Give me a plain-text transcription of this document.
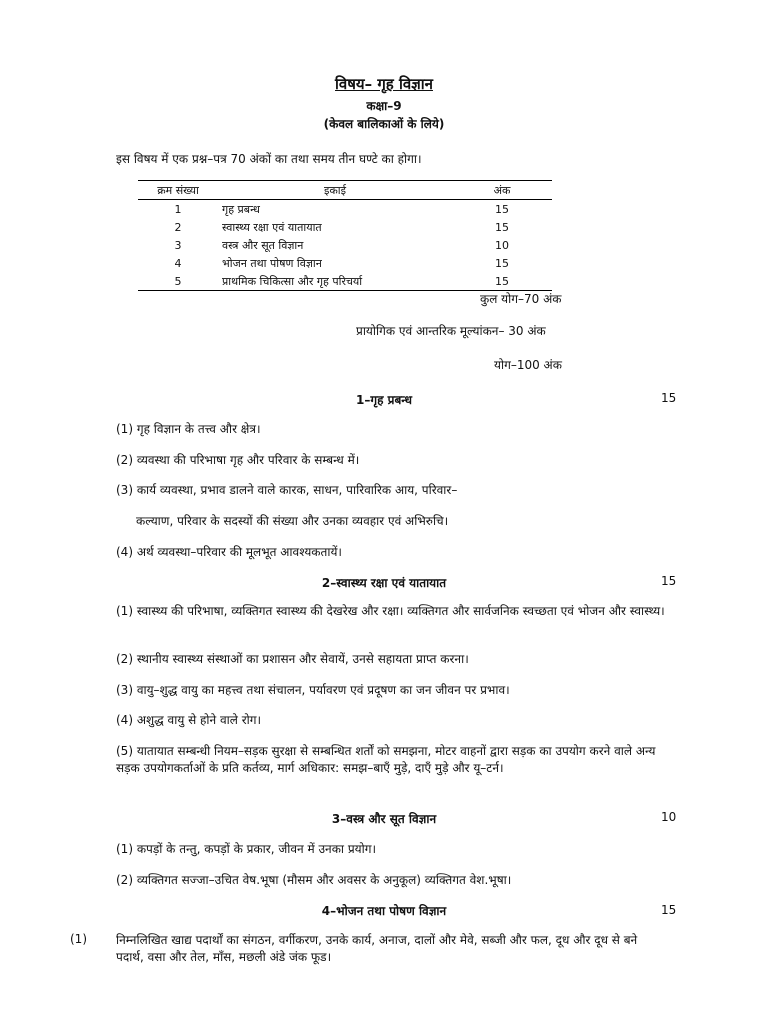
विषय– गृह विज्ञान
कक्षा–9
(केवल बालिकाओं के लिये)
इस विषय में एक प्रश्न–पत्र 70 अंकों का तथा समय तीन घण्टे का होगा।
क्रम संख्या	इकाई	अंक
1	गृह प्रबन्ध	15
2	स्वास्थ्य रक्षा एवं यातायात	15
3	वस्त्र और सूत विज्ञान	10
4	भोजन तथा पोषण विज्ञान	15
5	प्राथमिक चिकित्सा और गृह परिचर्या	15
कुल योग–70 अंक
प्रायोगिक एवं आन्तरिक मूल्यांकन– 30 अंक
योग–100 अंक
1–गृह प्रबन्ध	15
(1) गृह विज्ञान के तत्त्व और क्षेत्र।
(2) व्यवस्था की परिभाषा गृह और परिवार के सम्बन्ध में।
(3) कार्य व्यवस्था, प्रभाव डालने वाले कारक, साधन, पारिवारिक आय, परिवार–
कल्याण, परिवार के सदस्यों की संख्या और उनका व्यवहार एवं अभिरुचि।
(4) अर्थ व्यवस्था–परिवार की मूलभूत आवश्यकतायें।
2–स्वास्थ्य रक्षा एवं यातायात	15
(1) स्वास्थ्य की परिभाषा, व्यक्तिगत स्वास्थ्य की देखरेख और रक्षा। व्यक्तिगत और सार्वजनिक स्वच्छता एवं भोजन और स्वास्थ्य।
(2) स्थानीय स्वास्थ्य संस्थाओं का प्रशासन और सेवायें, उनसे सहायता प्राप्त करना।
(3) वायु–शुद्ध वायु का महत्त्व तथा संचालन, पर्यावरण एवं प्रदूषण का जन जीवन पर प्रभाव।
(4) अशुद्ध वायु से होने वाले रोग।
(5) यातायात सम्बन्धी नियम–सड़क सुरक्षा से सम्बन्धित शर्तों को समझना, मोटर वाहनों द्वारा सड़क का उपयोग करने वाले अन्य सड़क उपयोगकर्ताओं के प्रति कर्तव्य, मार्ग अधिकार: समझ–बाएँ मुड़े, दाएँ मुड़े और यू–टर्न।
3–वस्त्र और सूत विज्ञान	10
(1) कपड़ों के तन्तु, कपड़ों के प्रकार, जीवन में उनका प्रयोग।
(2) व्यक्तिगत सज्जा–उचित वेष.भूषा (मौसम और अवसर के अनुकूल) व्यक्तिगत वेश.भूषा।
4–भोजन तथा पोषण विज्ञान	15
(1) निम्नलिखित खाद्य पदार्थों का संगठन, वर्गीकरण, उनके कार्य, अनाज, दालों और मेवे, सब्जी और फल, दूध और दूध से बने पदार्थ, वसा और तेल, माँस, मछली अंडे जंक फूड।
